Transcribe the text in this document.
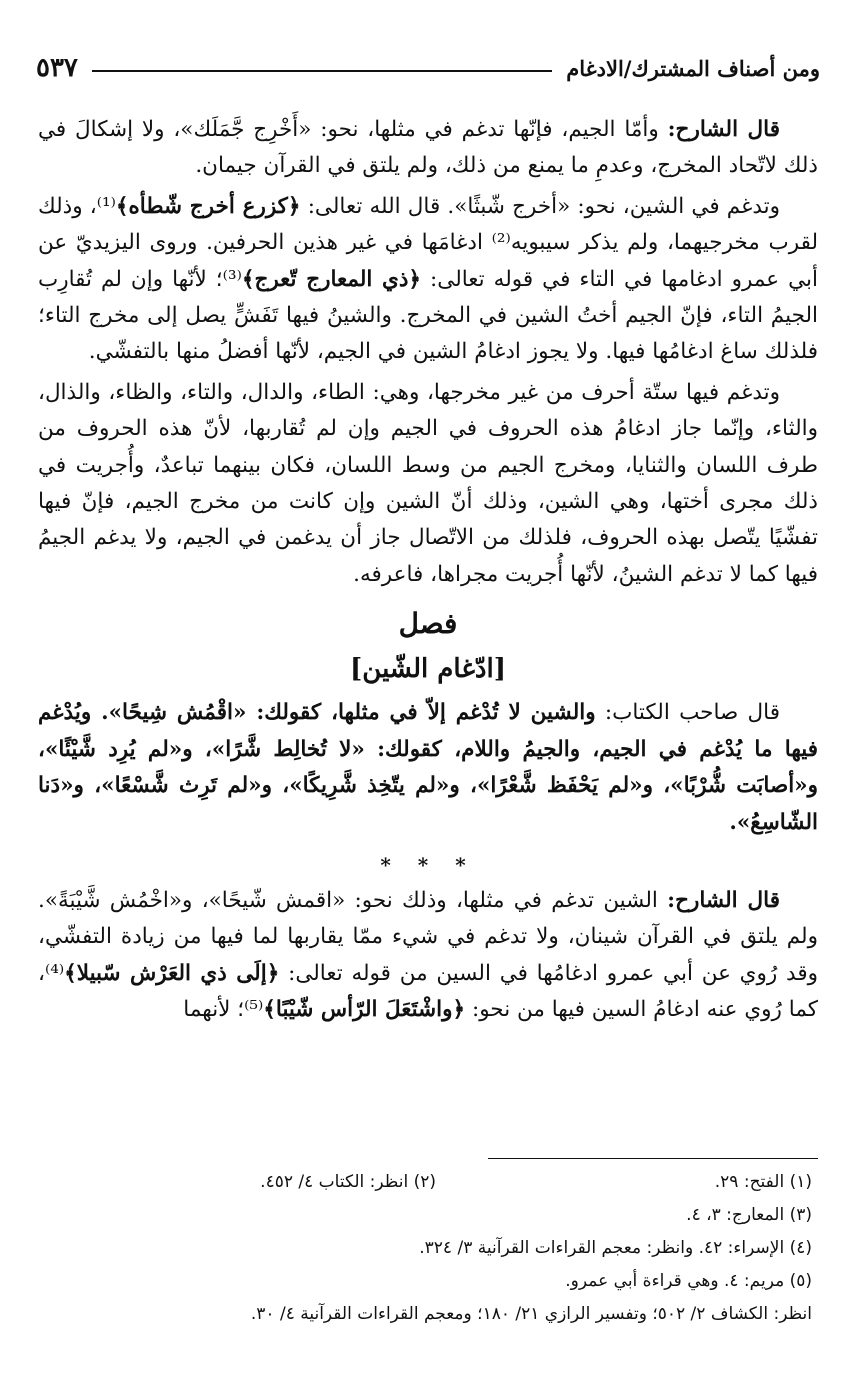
ومن أصناف المشترك/الادغام
٥٣٧

قال الشارح: وأمّا الجيم، فإنّها تدغم في مثلها، نحو: «أَخْرِج جَّمَلَك»، ولا إشكالَ في ذلك لاتّحاد المخرج، وعدمِ ما يمنع من ذلك، ولم يلتق في القرآن جيمان.

وتدغم في الشين، نحو: «أخرج شّبثًا». قال الله تعالى: ﴿كزرع أخرج شّطأه﴾⁽¹⁾، وذلك لقرب مخرجيهما، ولم يذكر سيبويه⁽²⁾ ادغامَها في غير هذين الحرفين. وروى اليزيديّ عن أبي عمرو ادغامها في التاء في قوله تعالى: ﴿ذي المعارج تّعرج﴾⁽³⁾؛ لأنّها وإن لم تُقارِب الجيمُ التاء، فإنّ الجيم أختُ الشين في المخرج. والشينُ فيها تَفَشٍّ يصل إلى مخرج التاء؛ فلذلك ساغ ادغامُها فيها. ولا يجوز ادغامُ الشين في الجيم، لأنّها أفضلُ منها بالتفشّي.

وتدغم فيها ستّة أحرف من غير مخرجها، وهي: الطاء، والدال، والتاء، والظاء، والذال، والثاء، وإنّما جاز ادغامُ هذه الحروف في الجيم وإن لم تُقاربها، لأنّ هذه الحروف من طرف اللسان والثنايا، ومخرج الجيم من وسط اللسان، فكان بينهما تباعدٌ، وأُجريت في ذلك مجرى أختها، وهي الشين، وذلك أنّ الشين وإن كانت من مخرج الجيم، فإنّ فيها تفشّيًا يتّصل بهذه الحروف، فلذلك من الاتّصال جاز أن يدغمن في الجيم، ولا يدغم الجيمُ فيها كما لا تدغم الشينُ، لأنّها أُجريت مجراها، فاعرفه.

فصل
[ادّغام الشّين]

قال صاحب الكتاب: والشين لا تُدْغم إلاّ في مثلها، كقولك: «اقْمُش شِيحًا». ويُدْغم فيها ما يُدْغم في الجيم، والجيمُ واللام، كقولك: «لا تُخالِط شَّرًا»، و«لم يُرِد شَّيْئًا»، و«أصابَت شُّرْبًا»، و«لم يَحْفَظ شَّعْرًا»، و«لم يتّخِذ شَّرِيكًا»، و«لم تَرِث شَّسْعًا»، و«دَنا الشّاسِعُ».

* * *

قال الشارح: الشين تدغم في مثلها، وذلك نحو: «اقمش شّيحًا»، و«اخْمُش شَّيْبَةً». ولم يلتق في القرآن شينان، ولا تدغم في شيء ممّا يقاربها لما فيها من زيادة التفشّي، وقد رُوي عن أبي عمرو ادغامُها في السين من قوله تعالى: ﴿إلَى ذي العَرْش سّبيلا﴾⁽⁴⁾، كما رُوي عنه ادغامُ السين فيها من نحو: ﴿واشْتَعَلَ الرّأس شّيْبًا﴾⁽⁵⁾؛ لأنهما

(١) الفتح: ٢٩.
(٢) انظر: الكتاب ٤/ ٤٥٢.
(٣) المعارج: ٣، ٤.
(٤) الإسراء: ٤٢. وانظر: معجم القراءات القرآنية ٣/ ٣٢٤.
(٥) مريم: ٤. وهي قراءة أبي عمرو.
انظر: الكشاف ٢/ ٥٠٢؛ وتفسير الرازي ٢١/ ١٨٠؛ ومعجم القراءات القرآنية ٤/ ٣٠.
